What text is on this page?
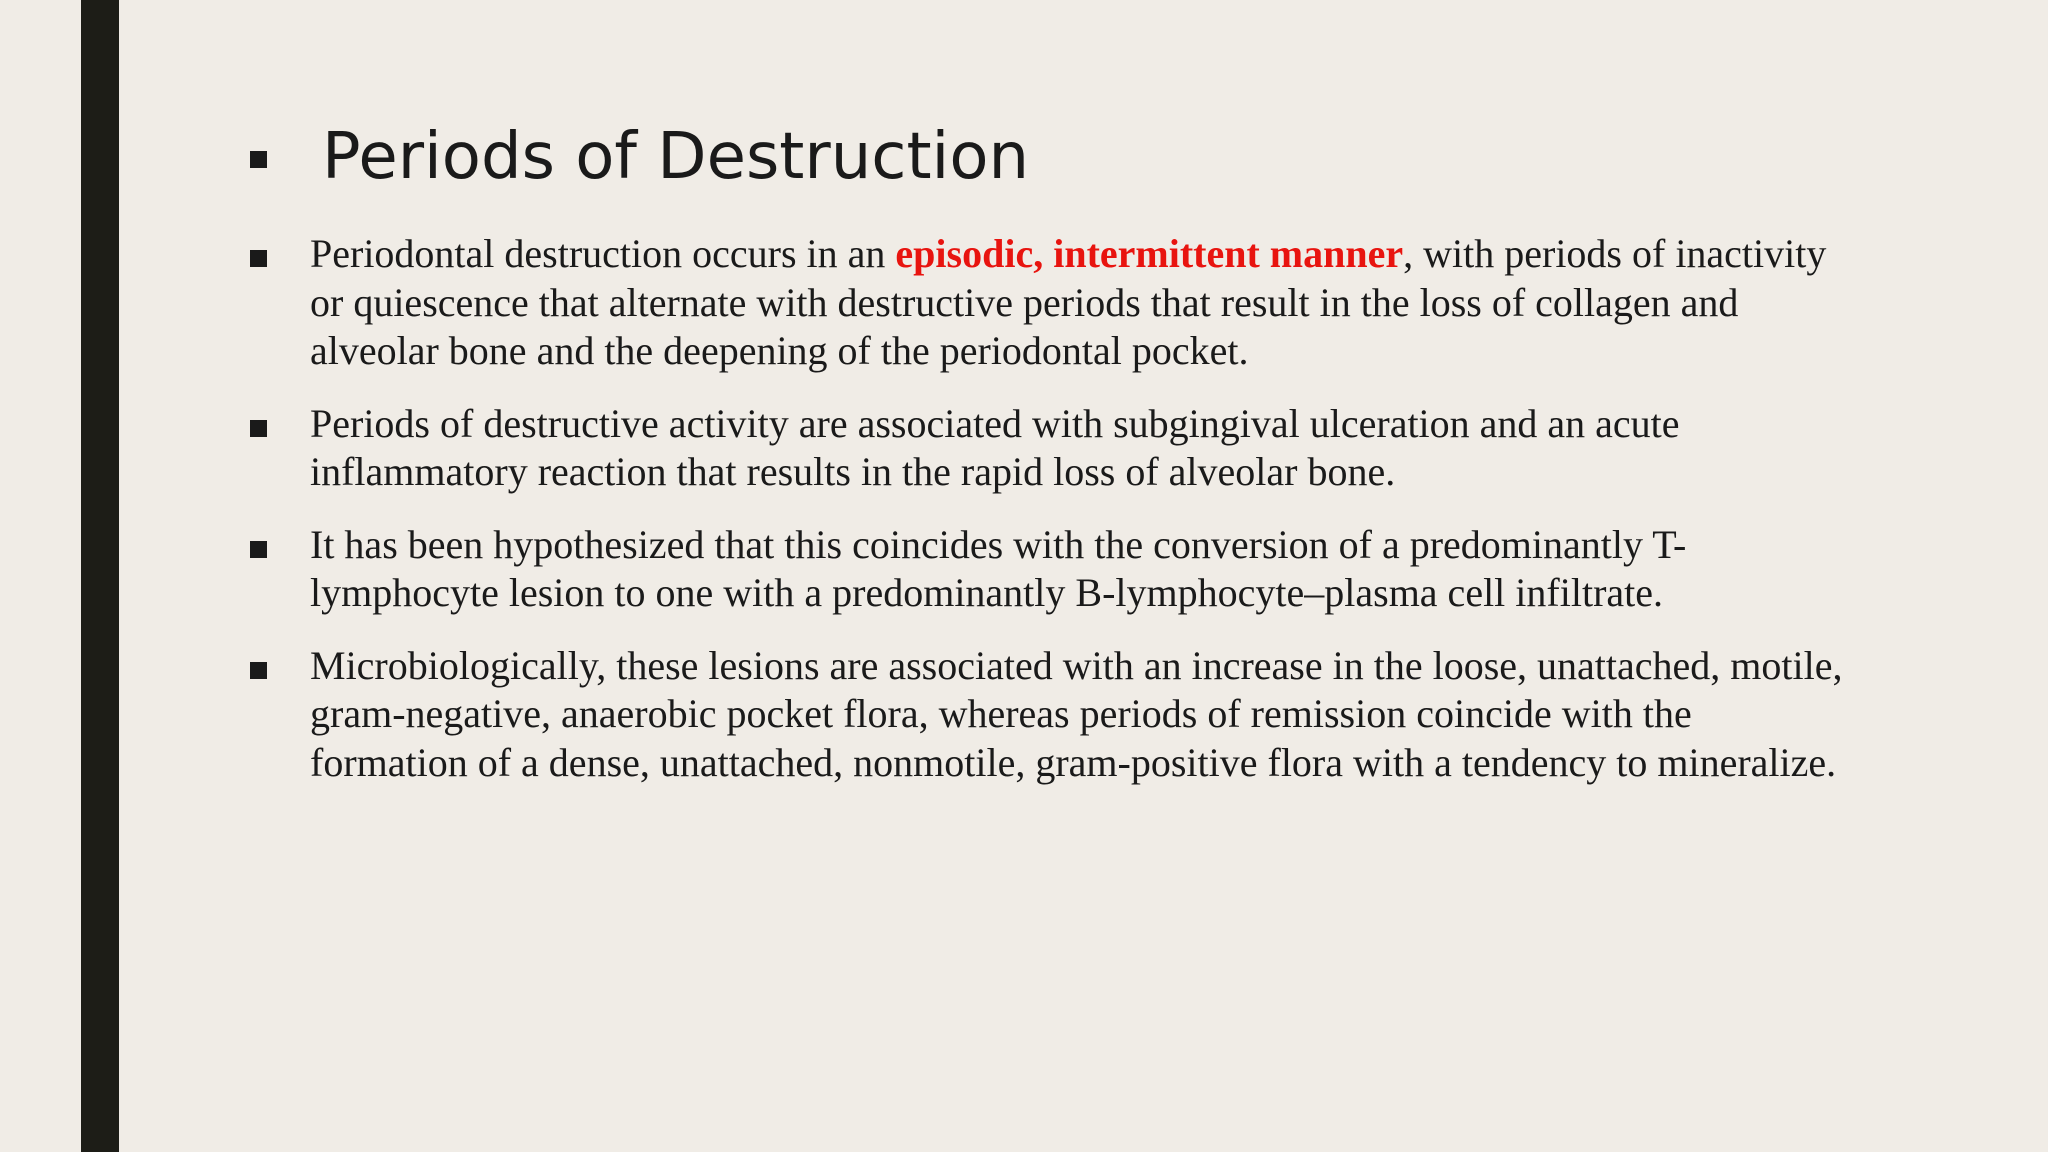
Periods of Destruction
Periodontal destruction occurs in an episodic, intermittent manner, with periods of inactivity or quiescence that alternate with destructive periods that result in the loss of collagen and alveolar bone and the deepening of the periodontal pocket.
Periods of destructive activity are associated with subgingival ulceration and an acute inflammatory reaction that results in the rapid loss of alveolar bone.
It has been hypothesized that this coincides with the conversion of a predominantly T-lymphocyte lesion to one with a predominantly B-lymphocyte–plasma cell infiltrate.
Microbiologically, these lesions are associated with an increase in the loose, unattached, motile, gram-negative, anaerobic pocket flora, whereas periods of remission coincide with the formation of a dense, unattached, nonmotile, gram-positive flora with a tendency to mineralize.
